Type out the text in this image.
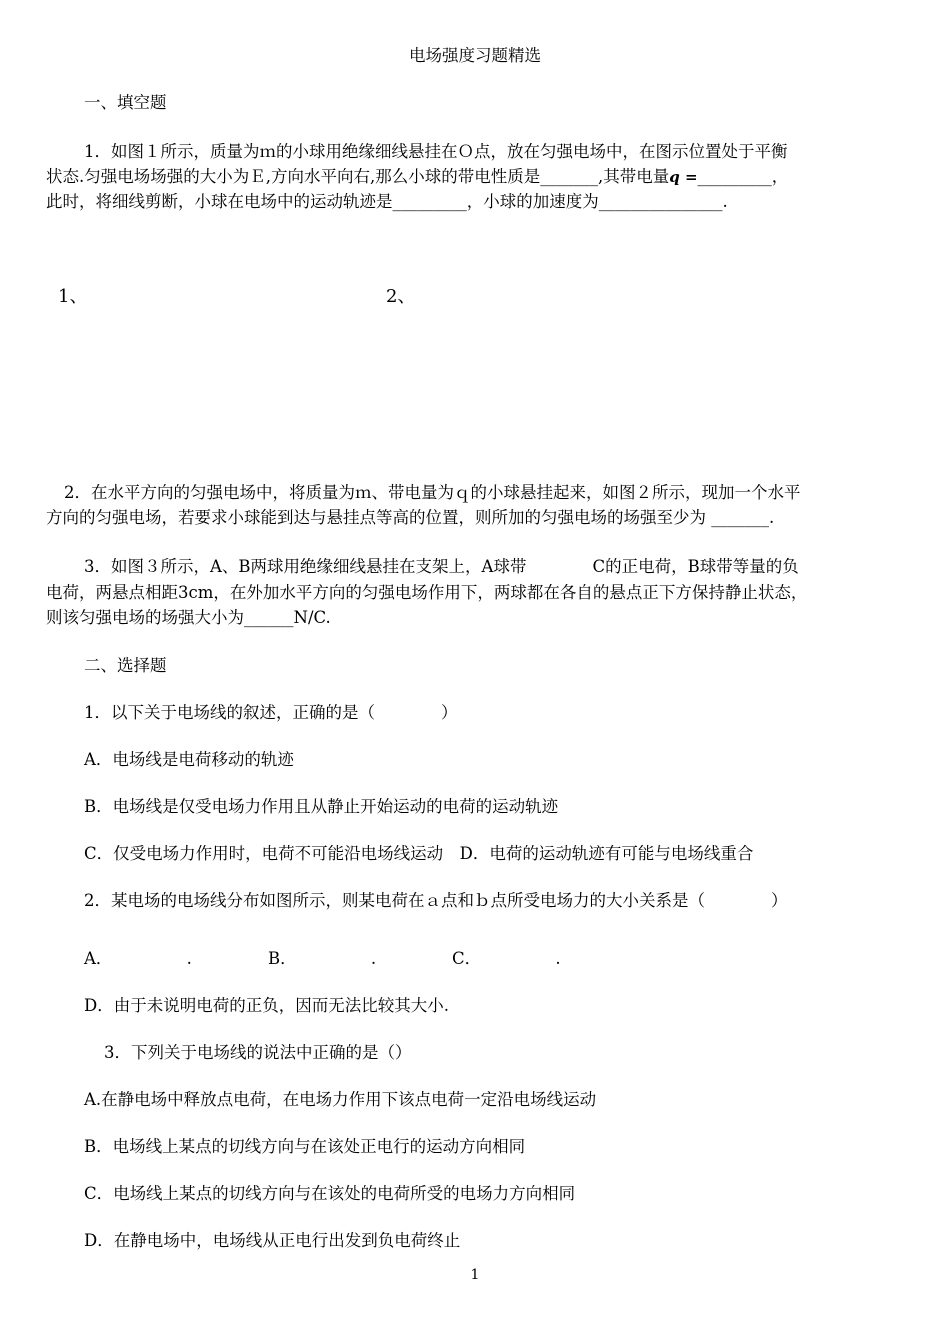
电场强度习题精选
一、填空题
1．如图１所示，质量为ｍ的小球用绝缘细线悬挂在Ｏ点，放在匀强电场中，在图示位置处于平衡
状态.匀强电场场强的大小为Ｅ,方向水平向右,那么小球的带电性质是_______,其带电量q =_________，
此时，将细线剪断，小球在电场中的运动轨迹是_________，小球的加速度为_______________.
1、	2、
2．在水平方向的匀强电场中，将质量为ｍ、带电量为ｑ的小球悬挂起来，如图２所示，现加一个水平
方向的匀强电场，若要求小球能到达与悬挂点等高的位置，则所加的匀强电场的场强至少为 _______.
3．如图３所示，A、B两球用绝缘细线悬挂在支架上，A球带　　　　C的正电荷，B球带等量的负
电荷，两悬点相距3cm，在外加水平方向的匀强电场作用下，两球都在各自的悬点正下方保持静止状态，
则该匀强电场的场强大小为______N/C.
二、选择题
1．以下关于电场线的叙述，正确的是（　　　　）
A．电场线是电荷移动的轨迹
B．电场线是仅受电场力作用且从静止开始运动的电荷的运动轨迹
C．仅受电场力作用时，电荷不可能沿电场线运动　D．电荷的运动轨迹有可能与电场线重合
2．某电场的电场线分布如图所示，则某电荷在ａ点和ｂ点所受电场力的大小关系是（　　　　）
A．　　　　　.	B．　　　　　.	C．　　　　　.
D．由于未说明电荷的正负，因而无法比较其大小.
3．下列关于电场线的说法中正确的是（）
A.在静电场中释放点电荷，在电场力作用下该点电荷一定沿电场线运动
B．电场线上某点的切线方向与在该处正电行的运动方向相同
C．电场线上某点的切线方向与在该处的电荷所受的电场力方向相同
D．在静电场中，电场线从正电行出发到负电荷终止
1
